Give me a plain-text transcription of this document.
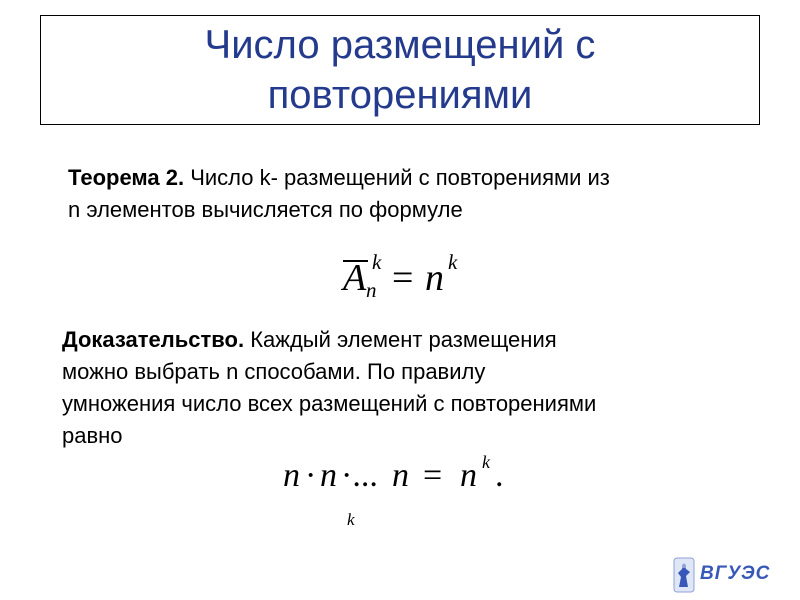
Число размещений с
повторениями
Теорема 2. Число k- размещений с повторениями из
n элементов вычисляется по формуле
A k
n = n k
Доказательство. Каждый элемент размещения
можно выбрать n способами. По правилу
умножения число всех размещений с повторениями
равно
n · n ·... n = n k .
k
ВГУЭС
